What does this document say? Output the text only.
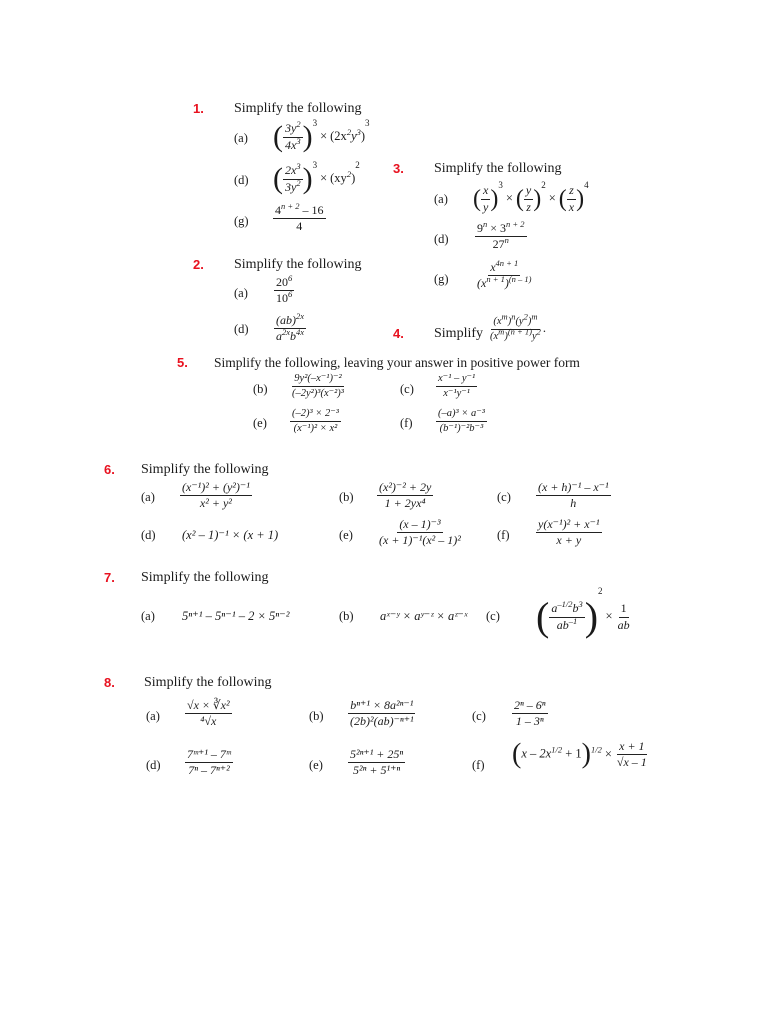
1. Simplify the following
(a) ( $\frac{3y^2}{4x^3} )^3\times (2x^2y^3)^3$
(d) ( $\frac{2x^3}{3y^2} )^3\times (xy^2)^2$
$(g) \frac{4^{n + 2} - 16}{4}$
2. Simplify the following
$(a) \frac{20^6}{10^6}$
$(d) \frac{(ab)^{2x}}{a^{2x}b^{4x}}$
3. Simplify the following
(a) ( $\frac{x}{y} )^3\times$ ( $\frac{y}{z} )^2\times$ ( $\frac{z}{x} )^4$
$(d) \frac{9^n \times 3^{n + 2}}{27^n}$
$(g) \frac{x^{4n + 1}}{(x^{n + 1})^{(n - 1)}}$
4. Simplify $\frac{(x^m)^n(y^2)^m}{(x^m)^{(n + 1)}y^2}$ .
5. Simplify the following, leaving your answer in positive power form
$(b) \frac{\text{9y²(–x⁻¹)⁻²}}{\text{(–2y²)³(x⁻²)³}}$	$(c) \frac{\text{x⁻¹ – y⁻¹}}{\text{x⁻¹y⁻¹}}$
$(e) \frac{\text{(–2)³ × 2⁻³}}{\text{(x⁻¹)² × x²}}$	$(f) \frac{\text{(–a)³ × a⁻³}}{\text{(b⁻¹)⁻²b⁻³}}$
6. Simplify the following
$(a) \frac{\text{(x⁻¹)² + (y²)⁻¹}}{\text{x² + y²}}$	$(b) \frac{\text{(x²)⁻² + 2y}}{\text{1 + 2yx⁴}}$	$(c) \frac{\text{(x + h)⁻¹ – x⁻¹}}{h}$
(d) (x² – 1)⁻¹ × (x + 1)	$(e) \frac{\text{(x – 1)⁻³}}{\text{(x + 1)⁻¹(x² – 1)²}}$	$(f) \frac{\text{y(x⁻¹)² + x⁻¹}}{x + y}$
7. Simplify the following
(a) 5ⁿ⁺¹ – 5ⁿ⁻¹ – 2 × 5ⁿ⁻²	(b) aˣ⁻ʸ × aʸ⁻ᶻ × aᶻ⁻ˣ (c) ( $\frac{a^{-1/2}b^3}{ab^{-1}} )^2\times \frac{1}{ab}$
8. Simplify the following
$(a) \frac{\text{√x × ∛x²}}{\text{⁴√x}}$	$(b) \frac{\text{bⁿ⁺¹ × 8a²ⁿ⁻¹}}{\text{(2b)²(ab)⁻ⁿ⁺¹}}$	$(c) \frac{\text{2ⁿ – 6ⁿ}}{\text{1 – 3ⁿ}}$
$(d) \frac{\text{7ᵐ⁺¹ – 7ᵐ}}{\text{7ⁿ – 7ⁿ⁺²}}$	$(e) \frac{\text{5²ⁿ⁺¹ + 25ⁿ}}{\text{5²ⁿ + 5¹⁺ⁿ}}$	(f) $(x - 2x^{1/2} + 1)^{1/2} \times \frac{x + 1}{√x - 1}$
